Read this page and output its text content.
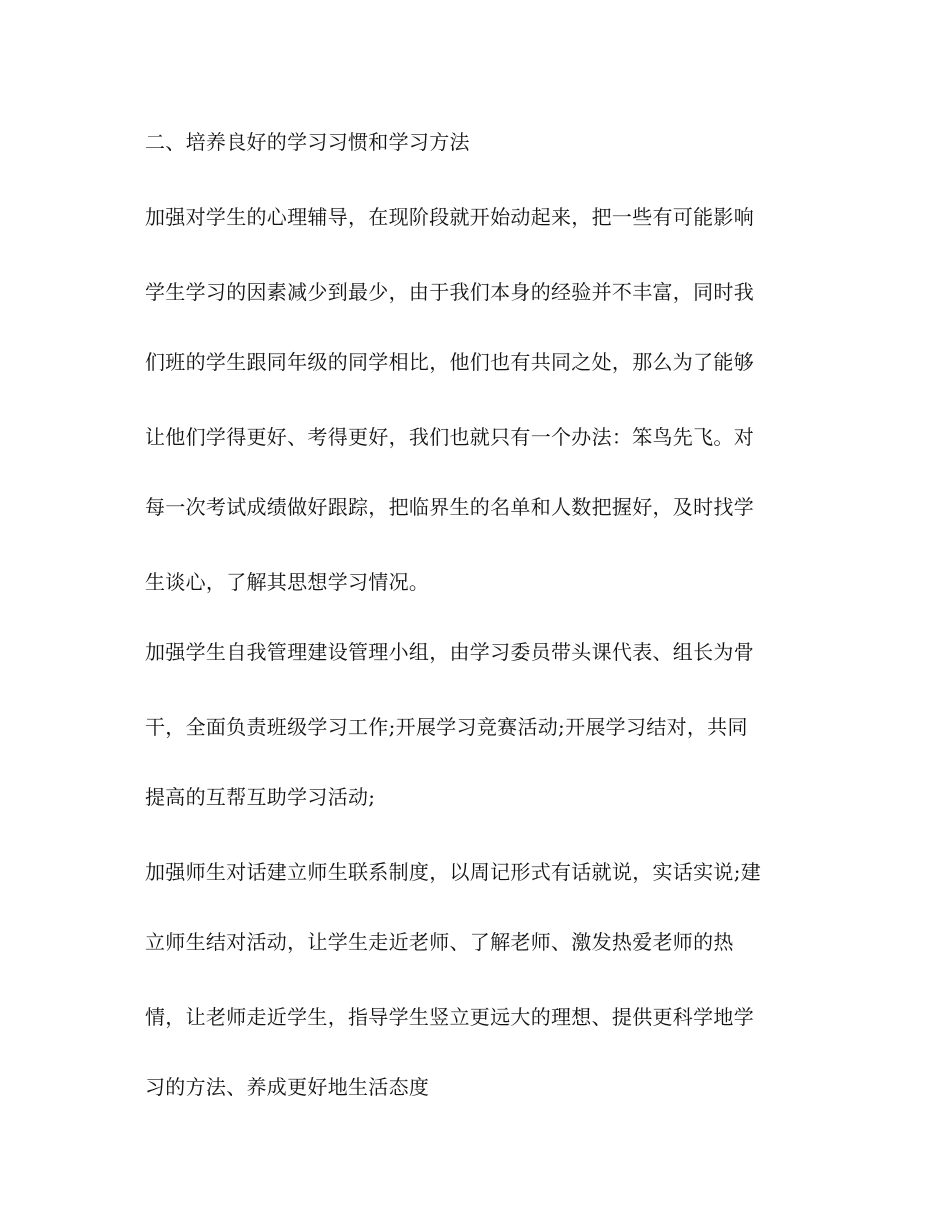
二、培养良好的学习习惯和学习方法
加强对学生的心理辅导，在现阶段就开始动起来，把一些有可能影响
学生学习的因素减少到最少，由于我们本身的经验并不丰富，同时我
们班的学生跟同年级的同学相比，他们也有共同之处，那么为了能够
让他们学得更好、考得更好，我们也就只有一个办法：笨鸟先飞。对
每一次考试成绩做好跟踪，把临界生的名单和人数把握好，及时找学
生谈心，了解其思想学习情况。
加强学生自我管理建设管理小组，由学习委员带头课代表、组长为骨
干，全面负责班级学习工作;开展学习竞赛活动;开展学习结对，共同
提高的互帮互助学习活动;
加强师生对话建立师生联系制度，以周记形式有话就说，实话实说;建
立师生结对活动，让学生走近老师、了解老师、激发热爱老师的热
情，让老师走近学生，指导学生竖立更远大的理想、提供更科学地学
习的方法、养成更好地生活态度
